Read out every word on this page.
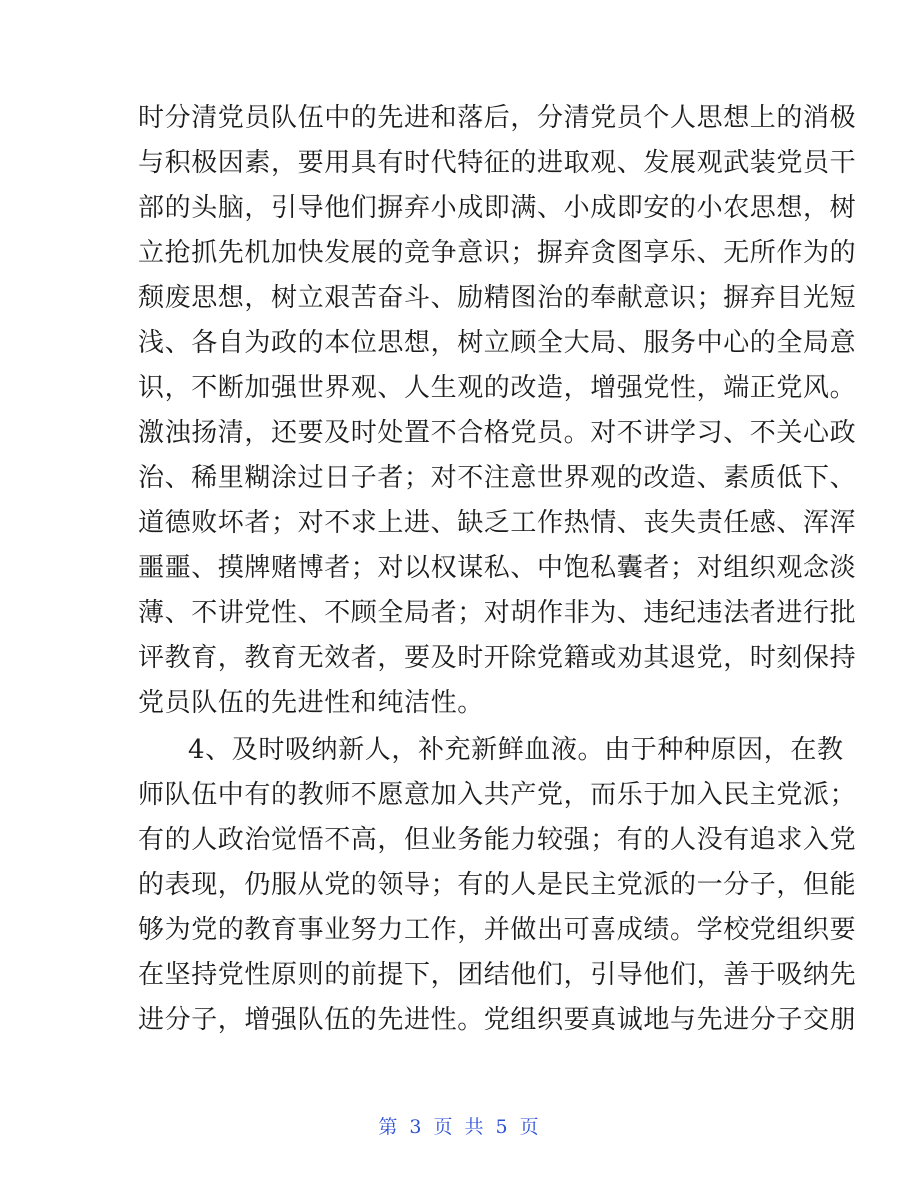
时分清党员队伍中的先进和落后，分清党员个人思想上的消极
与积极因素，要用具有时代特征的进取观、发展观武装党员干
部的头脑，引导他们摒弃小成即满、小成即安的小农思想，树
立抢抓先机加快发展的竞争意识；摒弃贪图享乐、无所作为的
颓废思想，树立艰苦奋斗、励精图治的奉献意识；摒弃目光短
浅、各自为政的本位思想，树立顾全大局、服务中心的全局意
识，不断加强世界观、人生观的改造，增强党性，端正党风。
激浊扬清，还要及时处置不合格党员。对不讲学习、不关心政
治、稀里糊涂过日子者；对不注意世界观的改造、素质低下、
道德败坏者；对不求上进、缺乏工作热情、丧失责任感、浑浑
噩噩、摸牌赌博者；对以权谋私、中饱私囊者；对组织观念淡
薄、不讲党性、不顾全局者；对胡作非为、违纪违法者进行批
评教育，教育无效者，要及时开除党籍或劝其退党，时刻保持
党员队伍的先进性和纯洁性。
4、及时吸纳新人，补充新鲜血液。由于种种原因，在教
师队伍中有的教师不愿意加入共产党，而乐于加入民主党派；
有的人政治觉悟不高，但业务能力较强；有的人没有追求入党
的表现，仍服从党的领导；有的人是民主党派的一分子，但能
够为党的教育事业努力工作，并做出可喜成绩。学校党组织要
在坚持党性原则的前提下，团结他们，引导他们，善于吸纳先
进分子，增强队伍的先进性。党组织要真诚地与先进分子交朋
第 3 页 共 5 页
